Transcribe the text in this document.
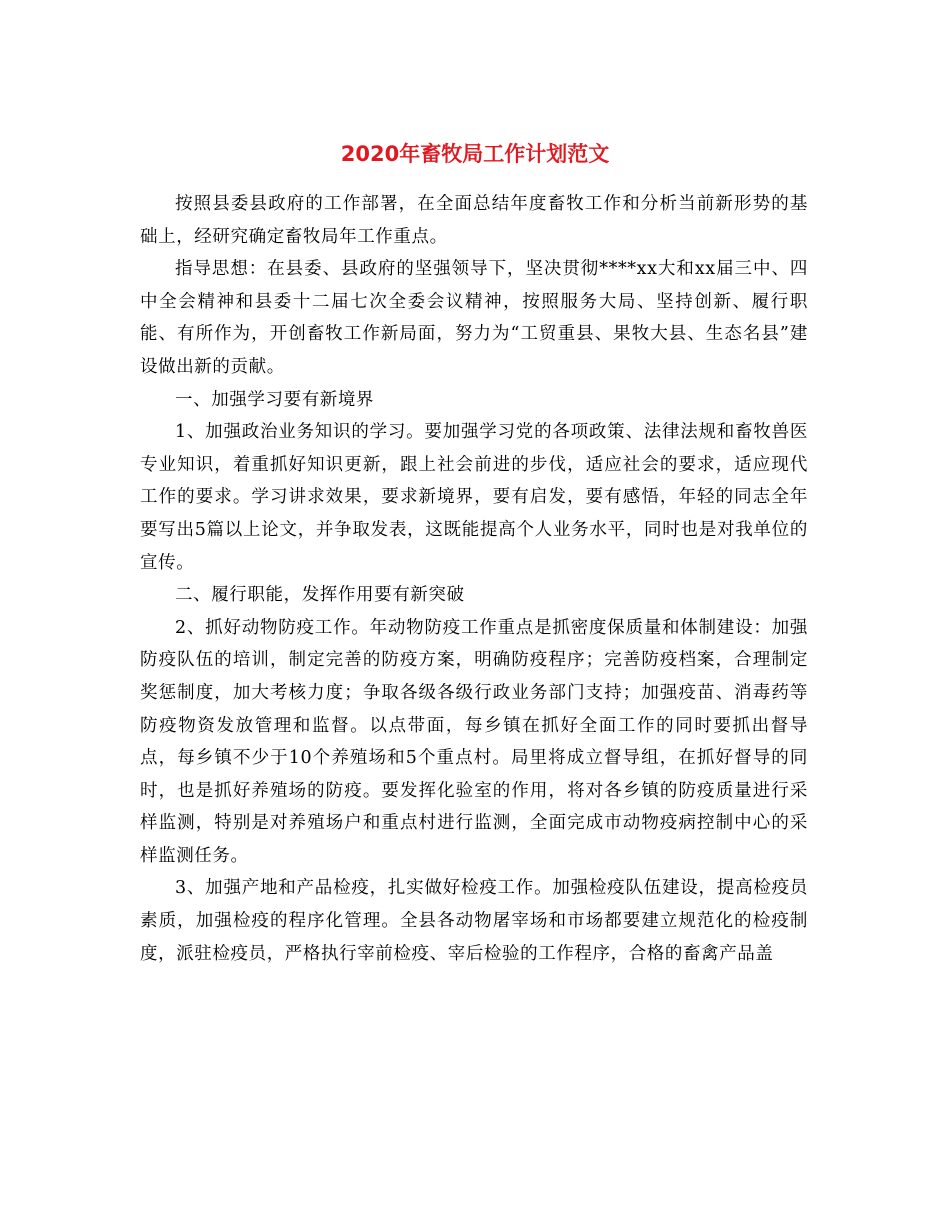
2020年畜牧局工作计划范文

按照县委县政府的工作部署，在全面总结年度畜牧工作和分析当前新形势的基础上，经研究确定畜牧局年工作重点。

指导思想：在县委、县政府的坚强领导下，坚决贯彻****xx大和xx届三中、四中全会精神和县委十二届七次全委会议精神，按照服务大局、坚持创新、履行职能、有所作为，开创畜牧工作新局面，努力为“工贸重县、果牧大县、生态名县”建设做出新的贡献。

一、加强学习要有新境界

1、加强政治业务知识的学习。要加强学习党的各项政策、法律法规和畜牧兽医专业知识，着重抓好知识更新，跟上社会前进的步伐，适应社会的要求，适应现代工作的要求。学习讲求效果，要求新境界，要有启发，要有感悟，年轻的同志全年要写出5篇以上论文，并争取发表，这既能提高个人业务水平，同时也是对我单位的宣传。

二、履行职能，发挥作用要有新突破

2、抓好动物防疫工作。年动物防疫工作重点是抓密度保质量和体制建设：加强防疫队伍的培训，制定完善的防疫方案，明确防疫程序；完善防疫档案，合理制定奖惩制度，加大考核力度；争取各级各级行政业务部门支持；加强疫苗、消毒药等防疫物资发放管理和监督。以点带面，每乡镇在抓好全面工作的同时要抓出督导点，每乡镇不少于10个养殖场和5个重点村。局里将成立督导组，在抓好督导的同时，也是抓好养殖场的防疫。要发挥化验室的作用，将对各乡镇的防疫质量进行采样监测，特别是对养殖场户和重点村进行监测，全面完成市动物疫病控制中心的采样监测任务。

3、加强产地和产品检疫，扎实做好检疫工作。加强检疫队伍建设，提高检疫员素质，加强检疫的程序化管理。全县各动物屠宰场和市场都要建立规范化的检疫制度，派驻检疫员，严格执行宰前检疫、宰后检验的工作程序，合格的畜禽产品盖
